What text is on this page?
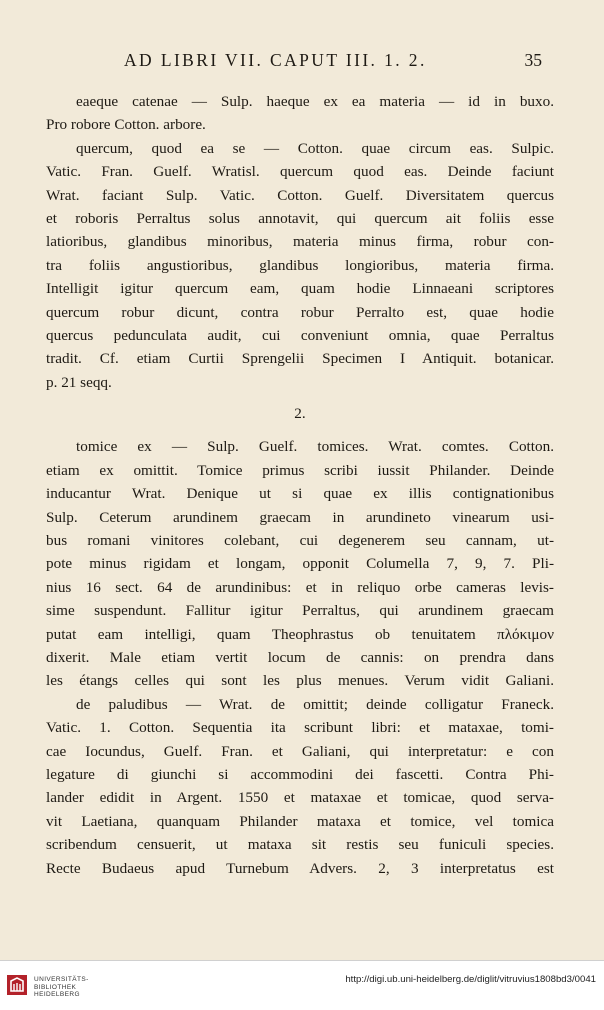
AD LIBRI VII. CAPUT III. 1. 2.	35
eaeque catenae — Sulp. haeque ex ea materia — id in buxo.
Pro robore Cotton. arbore.
quercum, quod ea se — Cotton. quae circum eas. Sulpic.
Vatic. Fran. Guelf. Wratisl. quercum quod eas. Deinde faciunt
Wrat. faciant Sulp. Vatic. Cotton. Guelf. Diversitatem quercus
et roboris Perraltus solus annotavit, qui quercum ait foliis esse
latioribus, glandibus minoribus, materia minus firma, robur con-
tra foliis angustioribus, glandibus longioribus, materia firma.
Intelligit igitur quercum eam, quam hodie Linnaeani scriptores
quercum robur dicunt, contra robur Perralto est, quae hodie
quercus pedunculata audit, cui conveniunt omnia, quae Perraltus
tradit. Cf. etiam Curtii Sprengelii Specimen I Antiquit. botanicar.
p. 21 seqq.
2.
tomice ex — Sulp. Guelf. tomices. Wrat. comtes. Cotton.
etiam ex omittit. Tomice primus scribi iussit Philander. Deinde
inducantur Wrat. Denique ut si quae ex illis contignationibus
Sulp. Ceterum arundinem graecam in arundineto vinearum usi-
bus romani vinitores colebant, cui degenerem seu cannam, ut-
pote minus rigidam et longam, opponit Columella 7, 9, 7. Pli-
nius 16 sect. 64 de arundinibus: et in reliquo orbe cameras levis-
sime suspendunt. Fallitur igitur Perraltus, qui arundinem graecam
putat eam intelligi, quam Theophrastus ob tenuitatem πλόκιμον
dixerit. Male etiam vertit locum de cannis: on prendra dans
les étangs celles qui sont les plus menues. Verum vidit Galiani.
de paludibus — Wrat. de omittit; deinde colligatur Franeck.
Vatic. 1. Cotton. Sequentia ita scribunt libri: et mataxae, tomi-
cae Iocundus, Guelf. Fran. et Galiani, qui interpretatur: e con
legature di giunchi si accommodini dei fascetti. Contra Phi-
lander edidit in Argent. 1550 et mataxae et tomicae, quod serva-
vit Laetiana, quanquam Philander mataxa et tomice, vel tomica
scribendum censuerit, ut mataxa sit restis seu funiculi species.
Recte Budaeus apud Turnebum Advers. 2, 3 interpretatus est
UNIVERSITÄTS-
BIBLIOTHEK
HEIDELBERG
http://digi.ub.uni-heidelberg.de/diglit/vitruvius1808bd3/0041
